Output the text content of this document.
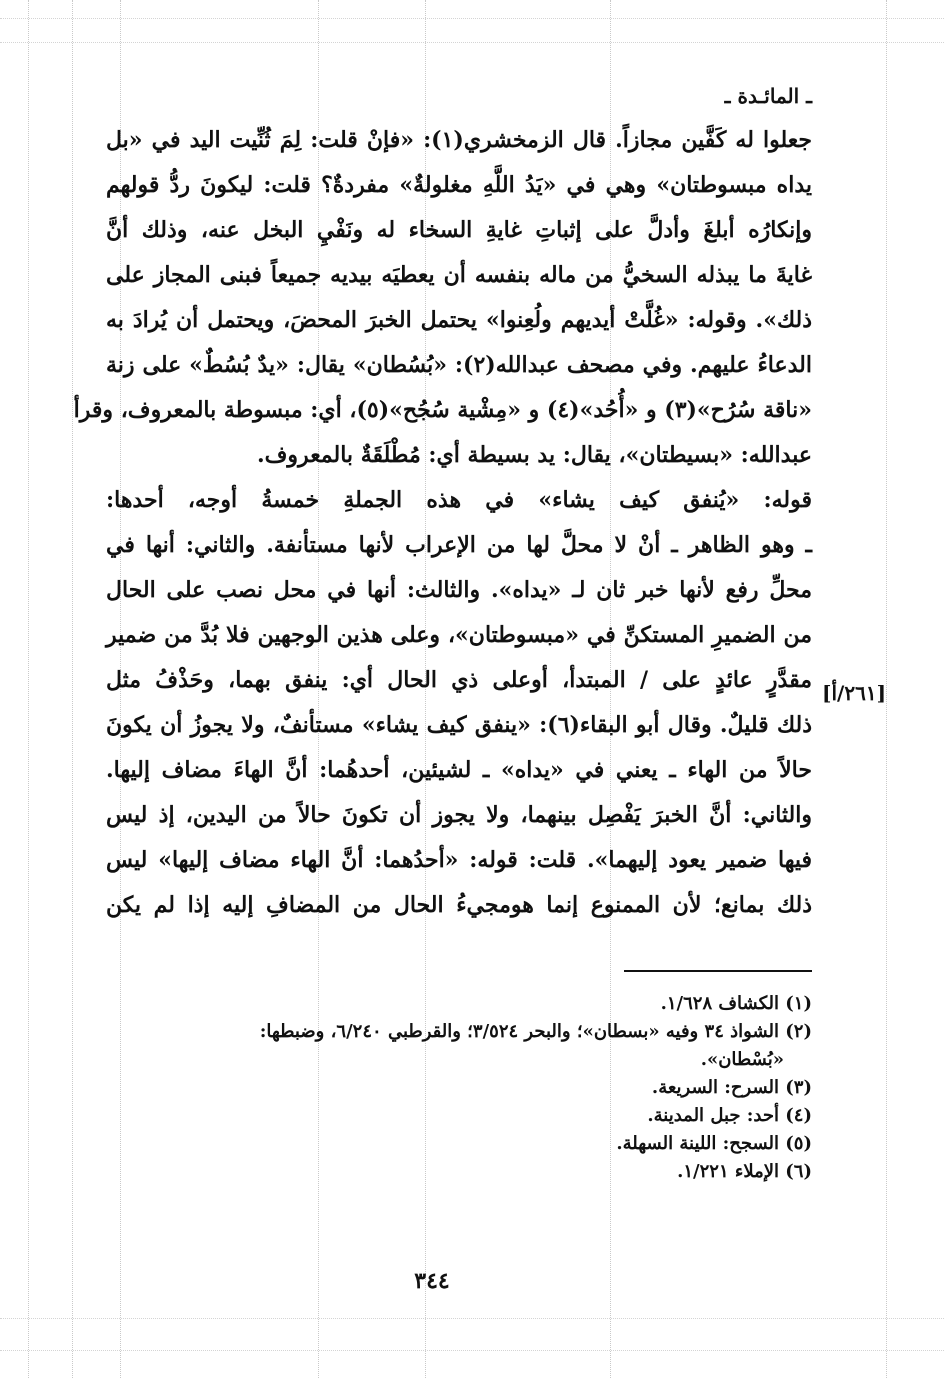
ـ المائـدة ـ
جعلوا له كَفَّين مجازاً. قال الزمخشري(١): «فإنْ قلت: لِمَ ثُنِّيت اليد في «بل
يداه مبسوطتان» وهي في «يَدُ اللَّهِ مغلولةٌ» مفردةٌ؟ قلت: ليكونَ ردُّ قولهم
وإنكارُه أبلغَ وأدلَّ على إثباتِ غايةِ السخاء له ونَفْيِ البخل عنه، وذلك أنَّ
غايةَ ما يبذله السخيُّ من ماله بنفسه أن يعطيَه بيديه جميعاً فبنى المجاز على
ذلك». وقوله: «غُلَّتْ أيديهم ولُعِنوا» يحتمل الخبرَ المحضَ، ويحتمل أن يُرادَ به
الدعاءُ عليهم. وفي مصحف عبدالله(٢): «بُسُطان» يقال: «يدٌ بُسُطٌ» على زنة
«ناقة سُرُح»(٣) و «أُحُد»(٤) و «مِشْية سُجُح»(٥)، أي: مبسوطة بالمعروف، وقرأ
عبدالله: «بسيطتان»، يقال: يد بسيطة أي: مُطْلَقَةٌ بالمعروف.
قوله: «يُنفق كيف يشاء» في هذه الجملةِ خمسةُ أوجه، أحدها:
ـ وهو الظاهر ـ أنْ لا محلَّ لها من الإعراب لأنها مستأنفة. والثاني: أنها في
محلِّ رفع لأنها خبر ثان لـ «يداه». والثالث: أنها في محل نصب على الحال
من الضميرِ المستكنِّ في «مبسوطتان»، وعلى هذين الوجهين فلا بُدَّ من ضمير
مقدَّرٍ عائدٍ على / المبتدأ، أوعلى ذي الحال أي: ينفق بهما، وحَذْفُ مثل
ذلك قليلٌ. وقال أبو البقاء(٦): «ينفق كيف يشاء» مستأنفٌ، ولا يجوزُ أن يكونَ
حالاً من الهاء ـ يعني في «يداه» ـ لشيئين، أحدهُما: أنَّ الهاءَ مضاف إليها.
والثاني: أنَّ الخبرَ يَفْصِل بينهما، ولا يجوز أن تكونَ حالاً من اليدين، إذ ليس
فيها ضمير يعود إليهما». قلت: قوله: «أحدُهما: أنَّ الهاء مضاف إليها» ليس
ذلك بمانع؛ لأن الممنوع إنما هومجيءُ الحال من المضافِ إليه إذا لم يكن
[٢٦١/أ]
(١) الكشاف ١/٦٢٨.
(٢) الشواذ ٣٤ وفيه «بسطان»؛ والبحر ٣/٥٢٤؛ والقرطبي ٦/٢٤٠، وضبطها:
«بُسْطان».
(٣) السرح: السريعة.
(٤) أحد: جبل المدينة.
(٥) السجح: اللينة السهلة.
(٦) الإملاء ١/٢٢١.
٣٤٤
